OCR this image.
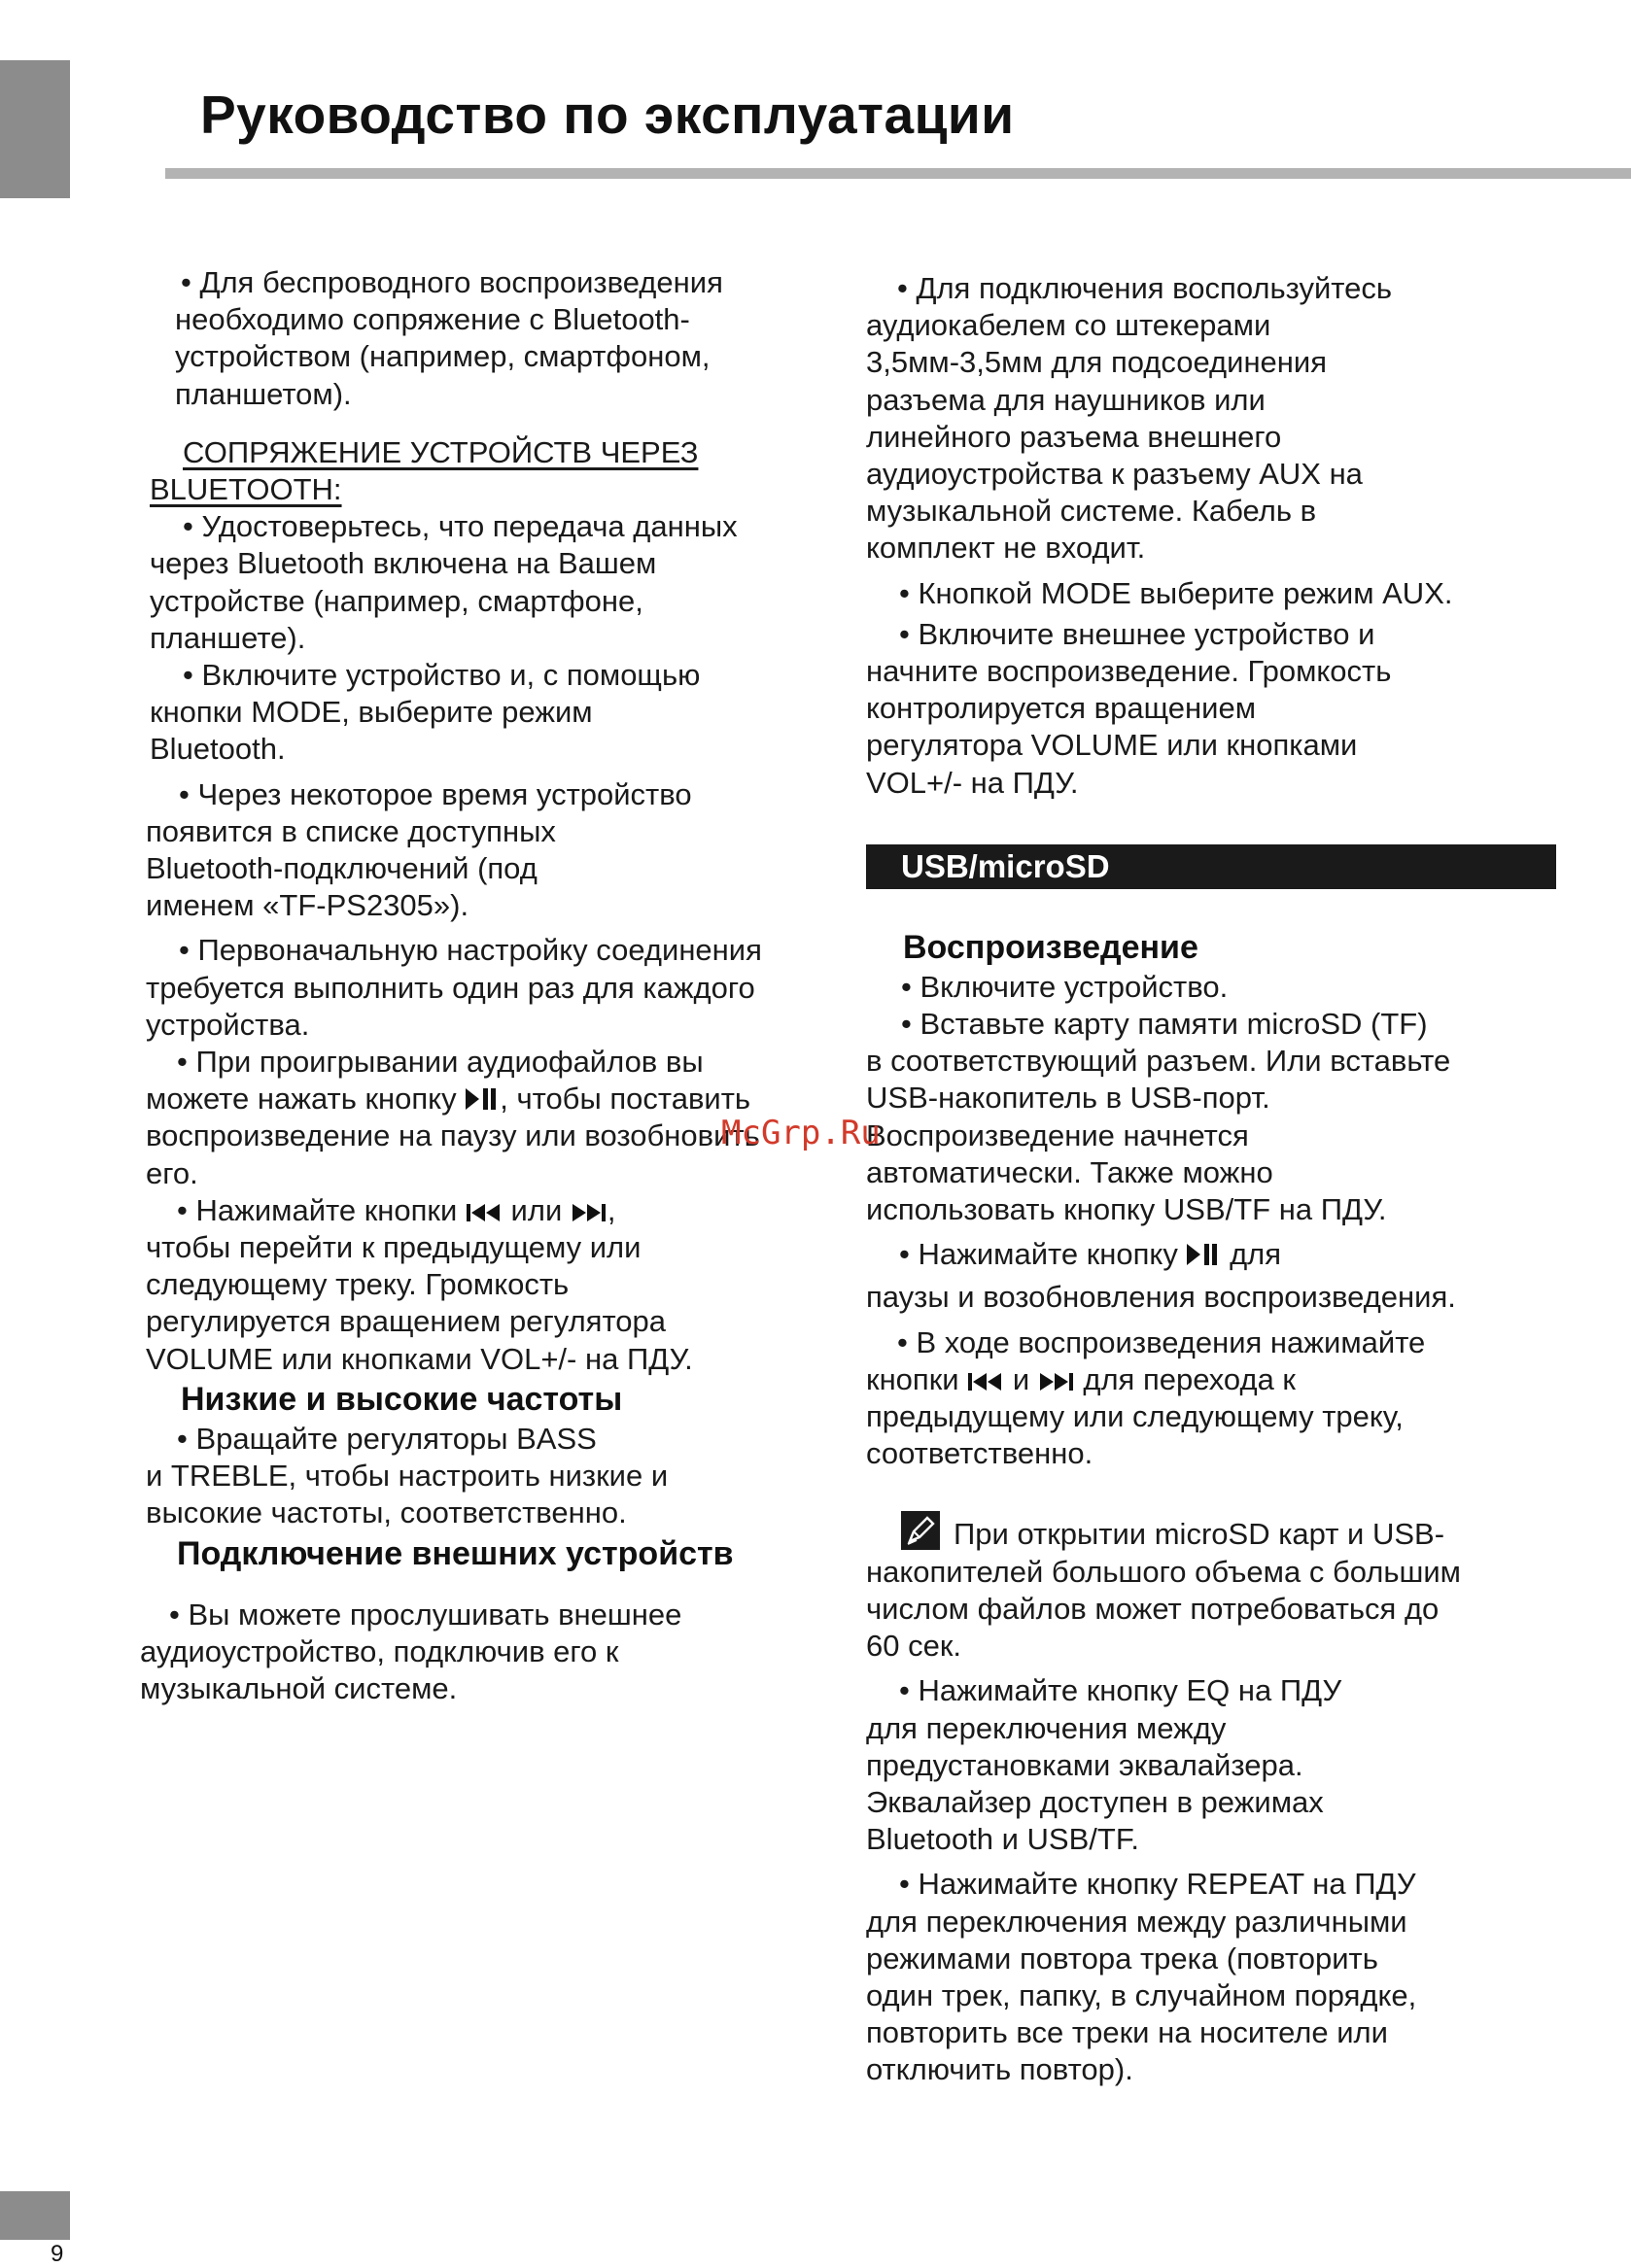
Руководство по эксплуатации
• Для беспроводного воспроизведения
необходимо сопряжение с Bluetooth-
устройством (например, смартфоном,
планшетом).
СОПРЯЖЕНИЕ УСТРОЙСТВ ЧЕРЕЗ
BLUETOOTH:
• Удостоверьтесь, что передача данных
через Bluetooth включена на Вашем
устройстве (например, смартфоне,
планшете).
• Включите устройство и, с помощью
кнопки MODE, выберите режим
Bluetooth.
• Через некоторое время устройство
появится в списке доступных
Bluetooth-подключений (под
именем «TF-PS2305»).
• Первоначальную настройку соединения
требуется выполнить один раз для каждого
устройства.
• При проигрывании аудиофайлов вы
можете нажать кнопку , чтобы поставить
воспроизведение на паузу или возобновить
его.
• Нажимайте кнопки  или ,
чтобы перейти к предыдущему или
следующему треку. Громкость
регулируется вращением регулятора
VOLUME или кнопками VOL+/- на ПДУ.
Низкие и высокие частоты
• Вращайте регуляторы BASS
и TREBLE, чтобы настроить низкие и
высокие частоты, соответственно.
Подключение внешних устройств
• Вы можете прослушивать внешнее
аудиоустройство, подключив его к
музыкальной системе.
• Для подключения воспользуйтесь
аудиокабелем со штекерами
3,5мм-3,5мм для подсоединения
разъема для наушников или
линейного разъема внешнего
аудиоустройства к разъему AUX на
музыкальной системе. Кабель в
комплект не входит.
• Кнопкой MODE выберите режим AUX.
• Включите внешнее устройство и
начните воспроизведение. Громкость
контролируется вращением
регулятора VOLUME или кнопками
VOL+/- на ПДУ.
USB/microSD
Воспроизведение
• Включите устройство.
• Вставьте карту памяти microSD (TF)
в соответствующий разъем. Или вставьте
USB-накопитель в USB-порт.
Воспроизведение начнется
автоматически. Также можно
использовать кнопку USB/TF на ПДУ.
• Нажимайте кнопку  для
паузы и возобновления воспроизведения.
• В ходе воспроизведения нажимайте
кнопки  и  для перехода к
предыдущему или следующему треку,
соответственно.
При открытии microSD карт и USB-
накопителей большого объема с большим
числом файлов может потребоваться до
60 сек.
• Нажимайте кнопку EQ на ПДУ
для переключения между
предустановками эквалайзера.
Эквалайзер доступен в режимах
Bluetooth и USB/TF.
• Нажимайте кнопку REPEAT на ПДУ
для переключения между различными
режимами повтора трека (повторить
один трек, папку, в случайном порядке,
повторить все треки на носителе или
отключить повтор).
McGrp.Ru
9
